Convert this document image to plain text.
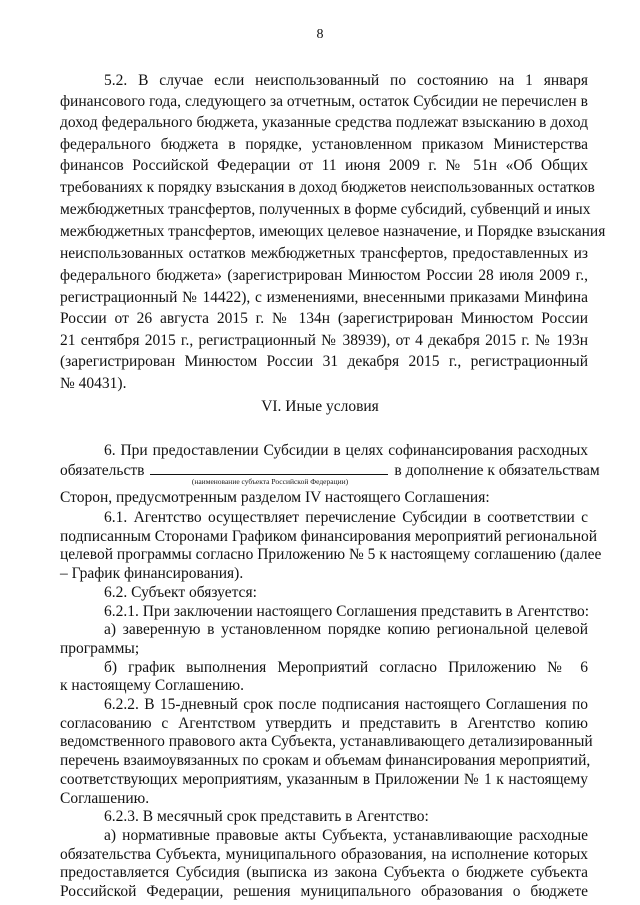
8
5.2. В случае если неиспользованный по состоянию на 1 января
финансового года, следующего за отчетным, остаток Субсидии не перечислен в
доход федерального бюджета, указанные средства подлежат взысканию в доход
федерального бюджета в порядке, установленном приказом Министерства
финансов Российской Федерации от 11 июня 2009 г. № 51н «Об Общих
требованиях к порядку взыскания в доход бюджетов неиспользованных остатков
межбюджетных трансфертов, полученных в форме субсидий, субвенций и иных
межбюджетных трансфертов, имеющих целевое назначение, и Порядке взыскания
неиспользованных остатков межбюджетных трансфертов, предоставленных из
федерального бюджета» (зарегистрирован Минюстом России 28 июля 2009 г.,
регистрационный № 14422), с изменениями, внесенными приказами Минфина
России от 26 августа 2015 г. № 134н (зарегистрирован Минюстом России
21 сентября 2015 г., регистрационный № 38939), от 4 декабря 2015 г. № 193н
(зарегистрирован Минюстом России 31 декабря 2015 г., регистрационный
№ 40431).
VI. Иные условия
6. При предоставлении Субсидии в целях софинансирования расходных
обязательств	в дополнение к обязательствам
(наименование субъекта Российской Федерации)
Сторон, предусмотренным разделом IV настоящего Соглашения:
6.1. Агентство осуществляет перечисление Субсидии в соответствии с
подписанным Сторонами Графиком финансирования мероприятий региональной
целевой программы согласно Приложению № 5 к настоящему соглашению (далее
– График финансирования).
6.2. Субъект обязуется:
6.2.1. При заключении настоящего Соглашения представить в Агентство:
а) заверенную в установленном порядке копию региональной целевой
программы;
б) график выполнения Мероприятий согласно Приложению № 6
к настоящему Соглашению.
6.2.2. В 15-дневный срок после подписания настоящего Соглашения по
согласованию с Агентством утвердить и представить в Агентство копию
ведомственного правового акта Субъекта, устанавливающего детализированный
перечень взаимоувязанных по срокам и объемам финансирования мероприятий,
соответствующих мероприятиям, указанным в Приложении № 1 к настоящему
Соглашению.
6.2.3. В месячный срок представить в Агентство:
а) нормативные правовые акты Субъекта, устанавливающие расходные
обязательства Субъекта, муниципального образования, на исполнение которых
предоставляется Субсидия (выписка из закона Субъекта о бюджете субъекта
Российской Федерации, решения муниципального образования о бюджете
